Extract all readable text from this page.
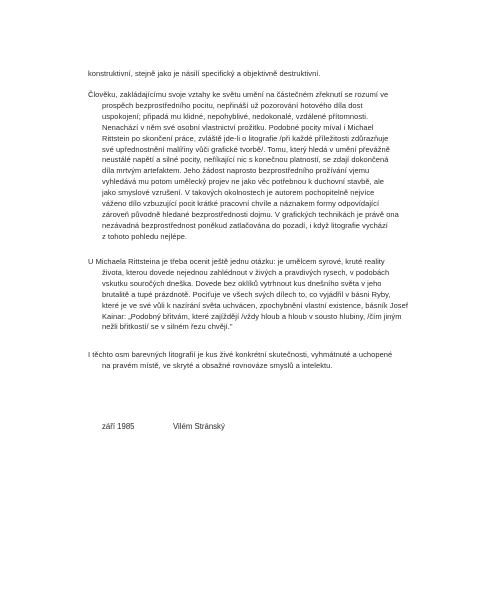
konstruktivní, stejně jako je násilí specifický a objektivně destruktivní.
Člověku, zakládajícímu svoje vztahy ke světu umění na částečném zřeknutí se rozumí ve
prospěch bezprostředního pocitu, nepřináší už pozorování hotového díla dost
uspokojení; připadá mu klidné, nepohyblivé, nedokonalé, vzdálené přítomnosti.
Nenachází v něm své osobní vlastnictví prožitku. Podobné pocity míval i Michael
Rittstein po skončení práce, zvláště jde-li o litografie /při každé příležitosti zdůrazňuje
své upřednostnění malířiny vůči grafické tvorbě/. Tomu, který hledá v umění převážně
neustálé napětí a silné pocity, neříkající nic s konečnou platností, se zdají dokončená
díla mrtvým artefaktem. Jeho žádost naprosto bezprostředního prožívání vjemu
vyhledává mu potom umělecký projev ne jako věc potřebnou k duchovní stavbě, ale
jako smyslové vzrušení. V takových okolnostech je autorem pochopitelně nejvíce
váženo dílo vzbuzující pocit krátké pracovní chvíle a náznakem formy odpovídající
zároveň původně hledané bezprostřednosti dojmu. V grafických technikách je právě ona
nezávadná bezprostřednost poněkud zatlačována do pozadí, i když litografie vychází
z tohoto pohledu nejlépe.
U Michaela Rittsteina je třeba ocenit ještě jednu otázku: je umělcem syrové, kruté reality
života, kterou dovede nejednou zahlédnout v živých a pravdivých rysech, v podobách
vskutku souročých dneška. Dovede bez oklíků vytrhnout kus dnešního světa v jeho
brutalitě a tupé prázdnotě. Pociťuje ve všech svých dílech to, co vyjádřil v básni Ryby,
které je ve své vůli k nazírání světa uchvácen, zpochybnění vlastní existence, básník Josef
Kainar: „Podobný břitvám, které zajíždějí /vždy hloub a hloub v sousto hlubiny, /čím jiným
nežli břitkostí/ se v silném řezu chvějí."
I těchto osm barevných litografií je kus živé konkrétní skutečnosti, vyhmátnuté a uchopené
na pravém místě, ve skryté a obsažné rovnováze smyslů a intelektu.
září 1985	Vilém Stránský
